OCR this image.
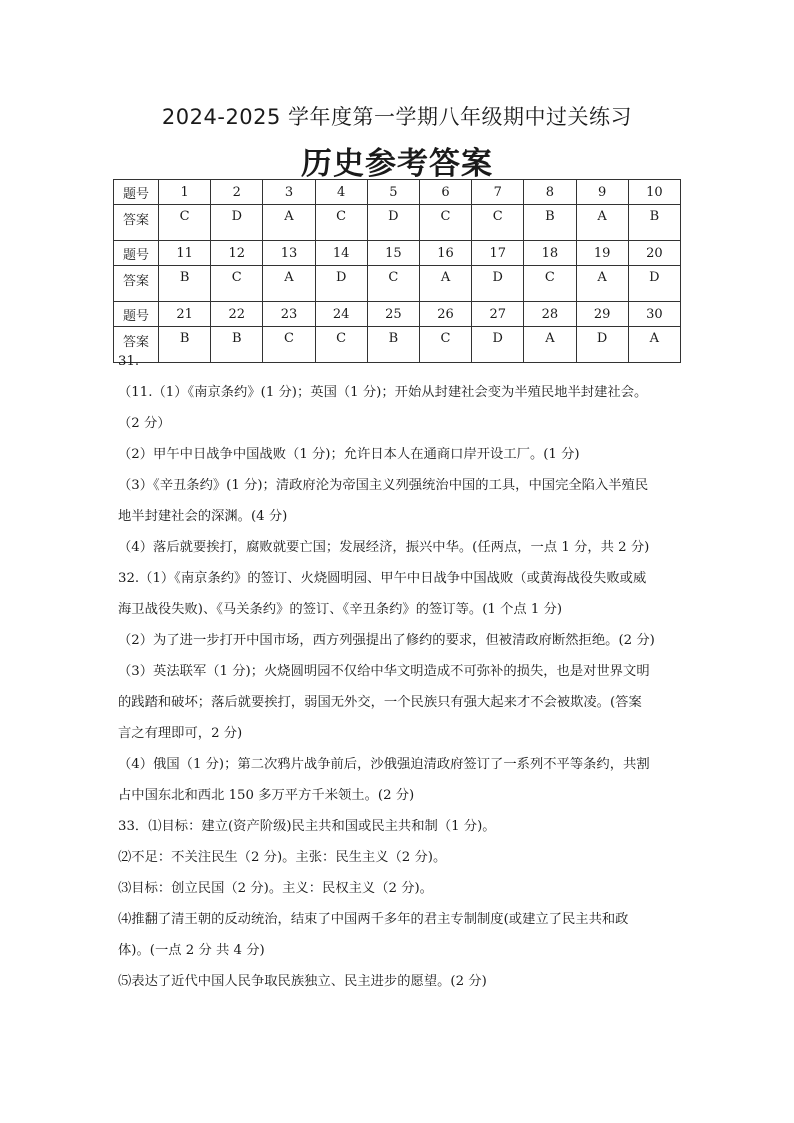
2024-2025 学年度第一学期八年级期中过关练习
历史参考答案
题号	1	2	3	4	5	6	7	8	9	10
答案	C	D	A	C	D	C	C	B	A	B
题号	11	12	13	14	15	16	17	18	19	20
答案	B	C	A	D	C	A	D	C	A	D
题号	21	22	23	24	25	26	27	28	29	30
答案	B	B	C	C	B	C	D	A	D	A
31.
（11.（1）《南京条约》(1 分)；英国（1 分)；开始从封建社会变为半殖民地半封建社会。
（2 分）
（2）甲午中日战争中国战败（1 分)；允许日本人在通商口岸开设工厂。(1 分)
（3）《辛丑条约》(1 分)；清政府沦为帝国主义列强统治中国的工具，中国完全陷入半殖民
地半封建社会的深渊。(4 分)
（4）落后就要挨打，腐败就要亡国；发展经济，振兴中华。(任两点，一点 1 分，共 2 分)
32.（1）《南京条约》的签订、火烧圆明园、甲午中日战争中国战败（或黄海战役失败或威
海卫战役失败)、《马关条约》的签订、《辛丑条约》的签订等。(1 个点 1 分)
（2）为了进一步打开中国市场，西方列强提出了修约的要求，但被清政府断然拒绝。(2 分)
（3）英法联军（1 分)；火烧圆明园不仅给中华文明造成不可弥补的损失，也是对世界文明
的践踏和破坏；落后就要挨打，弱国无外交，一个民族只有强大起来才不会被欺凌。(答案
言之有理即可，2 分)
（4）俄国（1 分)；第二次鸦片战争前后，沙俄强迫清政府签订了一系列不平等条约，共割
占中国东北和西北 150 多万平方千米领土。(2 分)
33．⑴目标：建立(资产阶级)民主共和国或民主共和制（1 分)。
⑵不足：不关注民生（2 分)。主张：民生主义（2 分)。
⑶目标：创立民国（2 分)。主义：民权主义（2 分)。
⑷推翻了清王朝的反动统治，结束了中国两千多年的君主专制制度(或建立了民主共和政
体)。(一点 2 分 共 4 分)
⑸表达了近代中国人民争取民族独立、民主进步的愿望。(2 分)
